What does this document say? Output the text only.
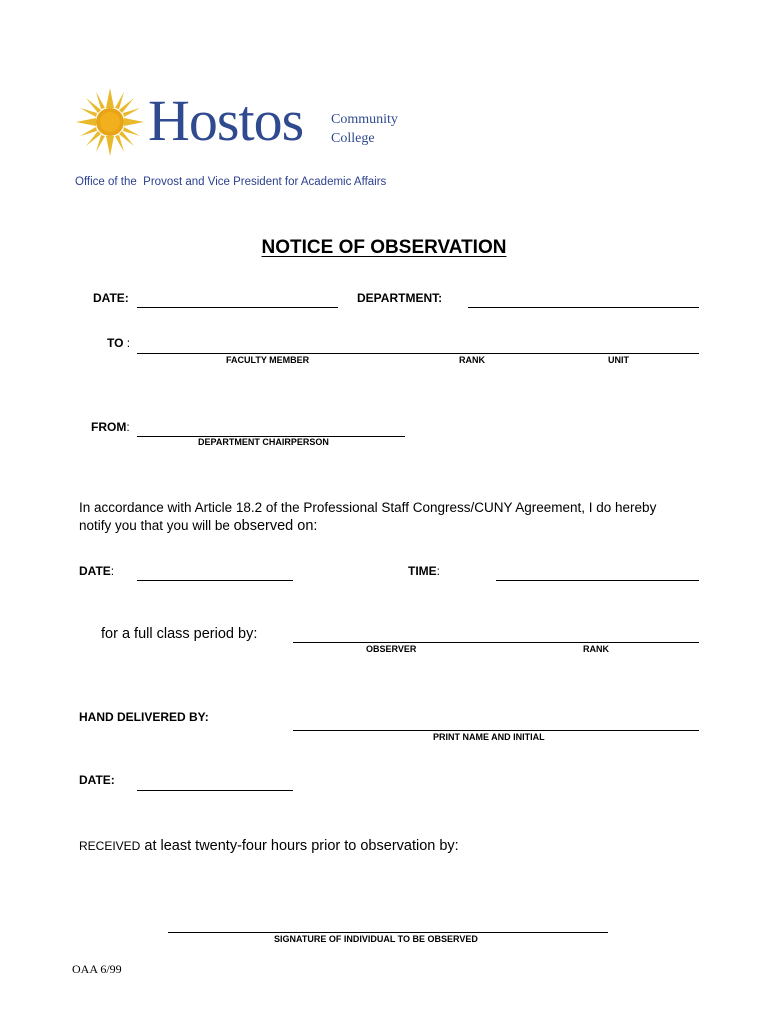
Hostos Community
College
Office of the  Provost and Vice President for Academic Affairs
NOTICE OF OBSERVATION
DATE:	DEPARTMENT:
TO :
FACULTY MEMBER	RANK	UNIT
FROM:
DEPARTMENT CHAIRPERSON
In accordance with Article 18.2 of the Professional Staff Congress/CUNY Agreement, I do hereby
notify you that you will be observed on:
DATE:	TIME:
for a full class period by:
OBSERVER	RANK
HAND DELIVERED BY:
PRINT NAME AND INITIAL
DATE:
RECEIVED at least twenty-four hours prior to observation by:
SIGNATURE OF INDIVIDUAL TO BE OBSERVED
OAA 6/99
